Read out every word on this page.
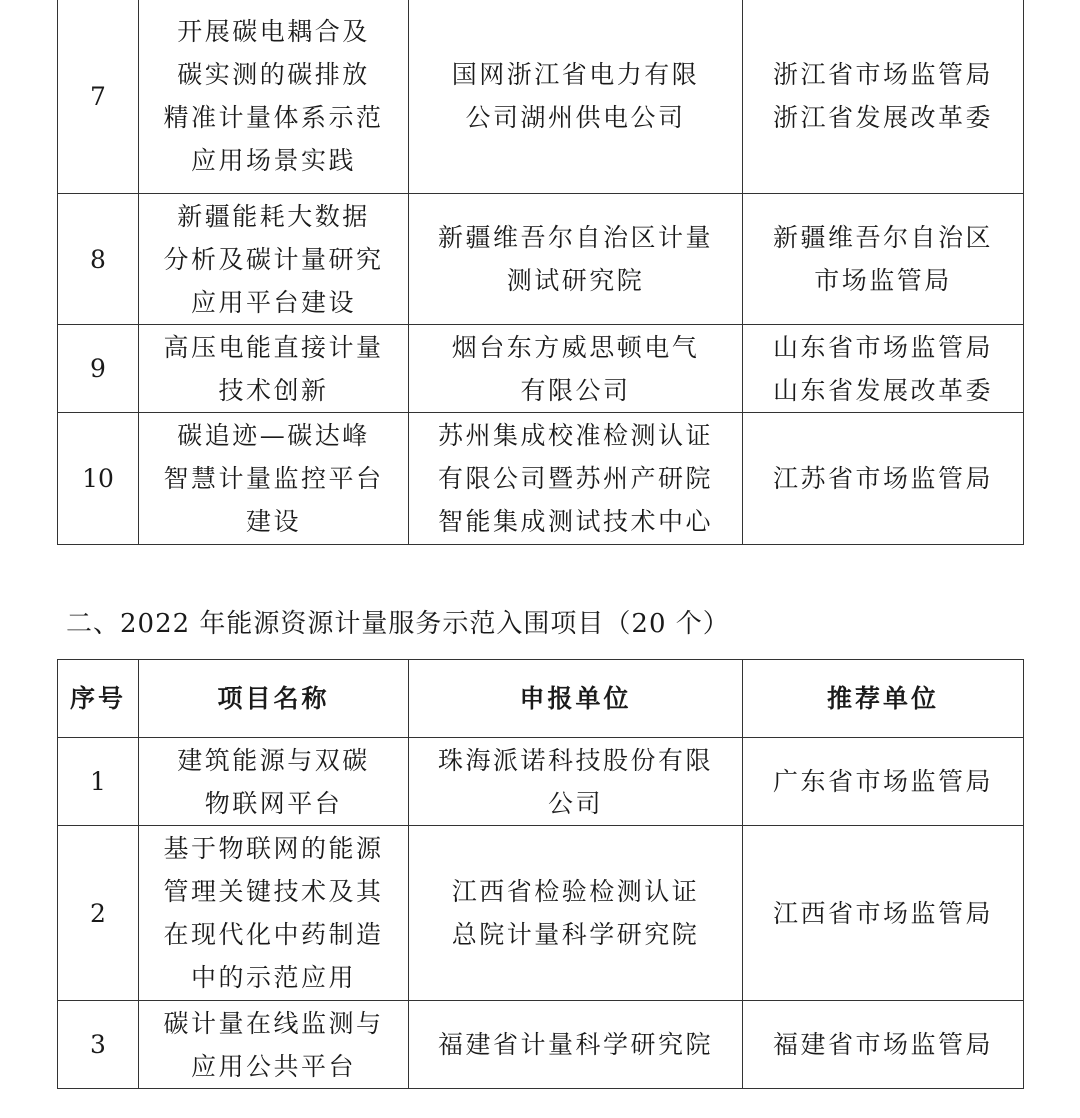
7	开展碳电耦合及
碳实测的碳排放
精准计量体系示范
应用场景实践	国网浙江省电力有限
公司湖州供电公司	浙江省市场监管局
浙江省发展改革委

8	新疆能耗大数据
分析及碳计量研究
应用平台建设	新疆维吾尔自治区计量
测试研究院	新疆维吾尔自治区
市场监管局

9	高压电能直接计量
技术创新	烟台东方威思顿电气
有限公司	山东省市场监管局
山东省发展改革委

10	碳追迹—碳达峰
智慧计量监控平台
建设	苏州集成校准检测认证
有限公司暨苏州产研院
智能集成测试技术中心	江苏省市场监管局
二、2022 年能源资源计量服务示范入围项目（20 个）
序号	项目名称	申报单位	推荐单位
1	建筑能源与双碳
物联网平台	珠海派诺科技股份有限
公司	广东省市场监管局

2	基于物联网的能源
管理关键技术及其
在现代化中药制造
中的示范应用	江西省检验检测认证
总院计量科学研究院	江西省市场监管局

3	碳计量在线监测与
应用公共平台	福建省计量科学研究院	福建省市场监管局
